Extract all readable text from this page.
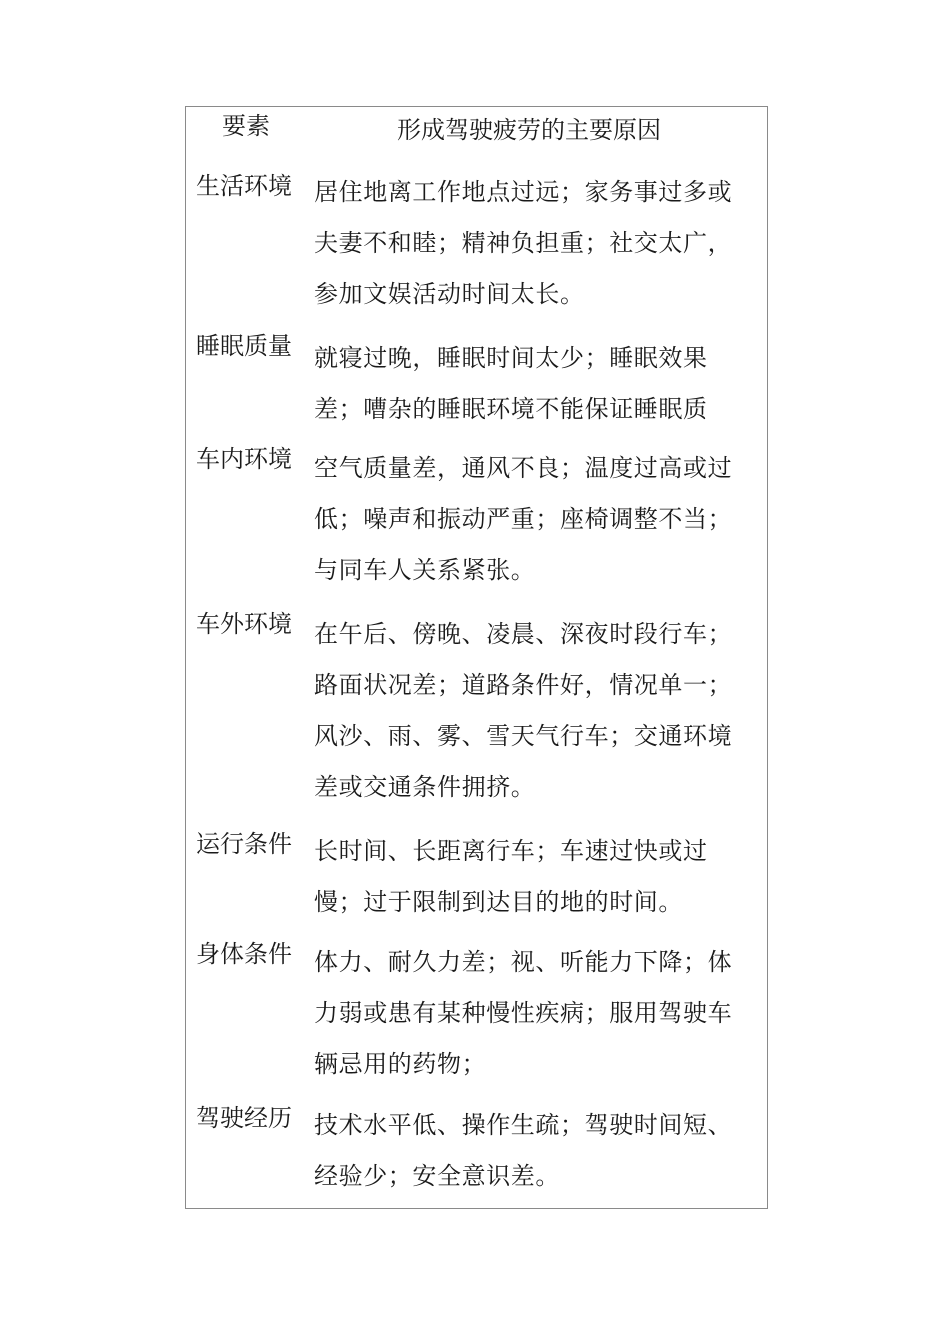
要素	形成驾驶疲劳的主要原因
生活环境 居住地离工作地点过远；家务事过多或夫妻不和睦；精神负担重；社交太广，参加文娱活动时间太长。
睡眠质量 就寝过晚，睡眠时间太少；睡眠效果差；嘈杂的睡眠环境不能保证睡眠质
车内环境 空气质量差，通风不良；温度过高或过低；噪声和振动严重；座椅调整不当；与同车人关系紧张。
车外环境 在午后、傍晚、凌晨、深夜时段行车；路面状况差；道路条件好，情况单一；风沙、雨、雾、雪天气行车；交通环境差或交通条件拥挤。
运行条件 长时间、长距离行车；车速过快或过慢；过于限制到达目的地的时间。
身体条件 体力、耐久力差；视、听能力下降；体力弱或患有某种慢性疾病；服用驾驶车辆忌用的药物；
驾驶经历 技术水平低、操作生疏；驾驶时间短、经验少；安全意识差。
